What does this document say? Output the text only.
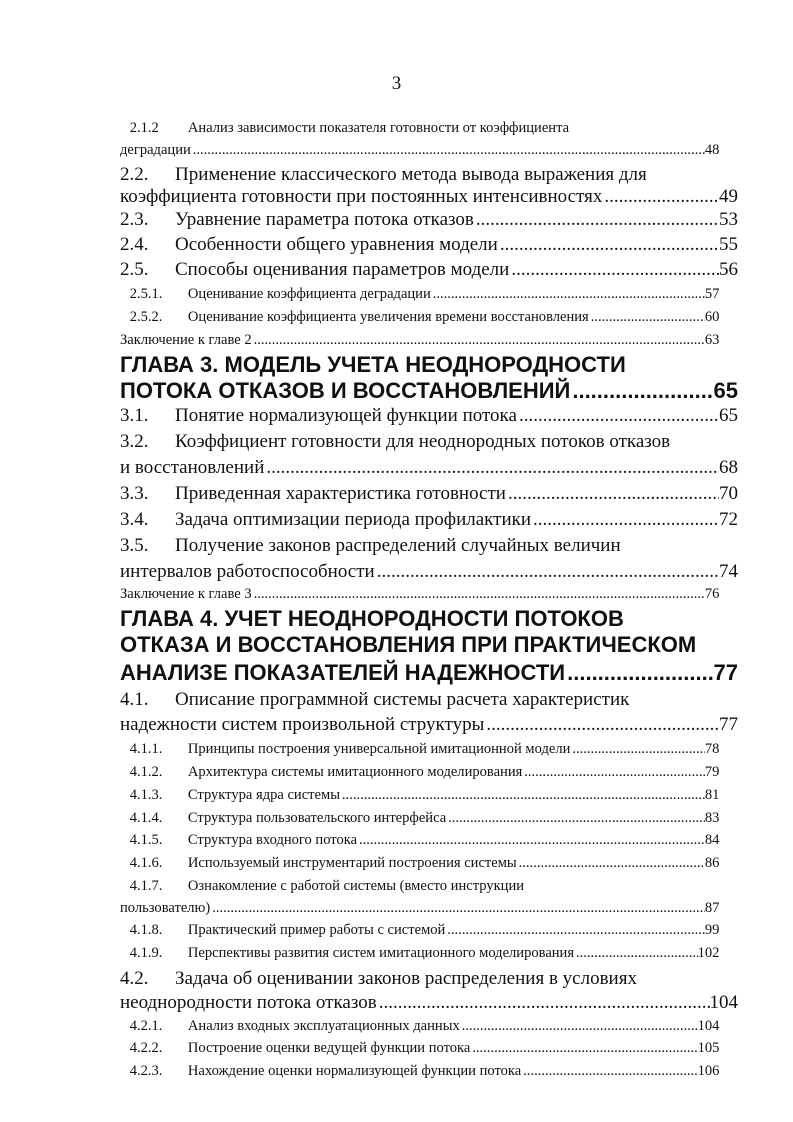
3
2.1.2	Анализ зависимости показателя готовности от коэффициента
деградации .....	48
2.2.	Применение классического метода вывода выражения для
коэффициента готовности при постоянных интенсивностях .....	49
2.3.	Уравнение параметра потока отказов .....	53
2.4.	Особенности общего уравнения модели .....	55
2.5.	Способы оценивания параметров модели .....	56
2.5.1.	Оценивание коэффициента деградации .....	57
2.5.2.	Оценивание коэффициента увеличения времени восстановления .....	60
Заключение к главе 2 .....	63
ГЛАВА 3. МОДЕЛЬ УЧЕТА НЕОДНОРОДНОСТИ
ПОТОКА ОТКАЗОВ И ВОССТАНОВЛЕНИЙ .....	65
3.1.	Понятие нормализующей функции потока .....	65
3.2.	Коэффициент готовности для неоднородных потоков отказов
и восстановлений .....	68
3.3.	Приведенная характеристика готовности .....	70
3.4.	Задача оптимизации периода профилактики .....	72
3.5.	Получение законов распределений случайных величин
интервалов работоспособности .....	74
Заключение к главе 3 .....	76
ГЛАВА 4. УЧЕТ НЕОДНОРОДНОСТИ ПОТОКОВ
ОТКАЗА И ВОССТАНОВЛЕНИЯ ПРИ ПРАКТИЧЕСКОМ
АНАЛИЗЕ ПОКАЗАТЕЛЕЙ НАДЕЖНОСТИ .....	77
4.1.	Описание программной системы расчета характеристик
надежности систем произвольной структуры .....	77
4.1.1.	Принципы построения универсальной имитационной модели .....	78
4.1.2.	Архитектура системы имитационного моделирования .....	79
4.1.3.	Структура ядра системы .....	81
4.1.4.	Структура пользовательского интерфейса .....	83
4.1.5.	Структура входного потока .....	84
4.1.6.	Используемый инструментарий построения системы .....	86
4.1.7.	Ознакомление с работой системы (вместо инструкции
пользователю) .....	87
4.1.8.	Практический пример работы с системой .....	99
4.1.9.	Перспективы развития систем имитационного моделирования .....	102
4.2.	Задача об оценивании законов распределения в условиях
неоднородности потока отказов .....	104
4.2.1.	Анализ входных эксплуатационных данных .....	104
4.2.2.	Построение оценки ведущей функции потока .....	105
4.2.3.	Нахождение оценки нормализующей функции потока .....	106
